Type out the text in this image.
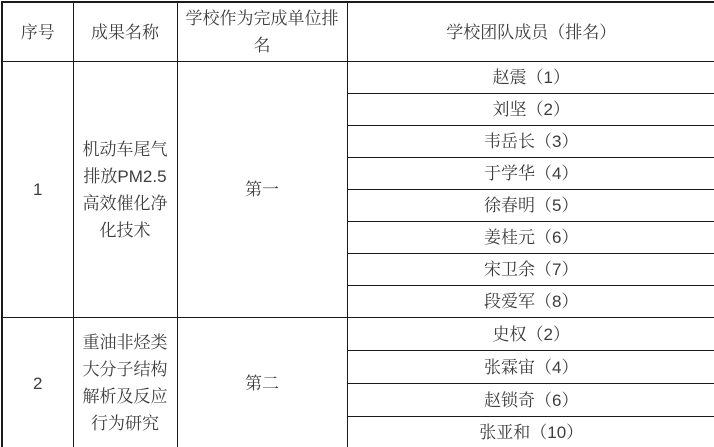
序号	成果名称	学校作为完成单位排名	学校团队成员（排名）
1	机动车尾气排放PM2.5高效催化净化技术	第一	赵震（1）
			刘坚（2）
			韦岳长（3）
			于学华（4）
			徐春明（5）
			姜桂元（6）
			宋卫余（7）
			段爱军（8）
2	重油非烃类大分子结构解析及反应行为研究	第二	史权（2）
			张霖宙（4）
			赵锁奇（6）
			张亚和（10）
